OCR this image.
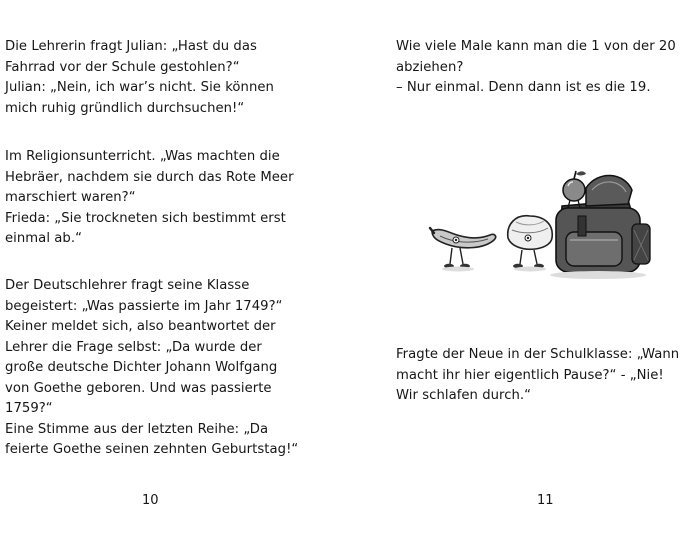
Die Lehrerin fragt Julian: „Hast du das
Fahrrad vor der Schule gestohlen?“
Julian: „Nein, ich war’s nicht. Sie können
mich ruhig gründlich durchsuchen!“

Im Religionsunterricht. „Was machten die
Hebräer, nachdem sie durch das Rote Meer
marschiert waren?“
Frieda: „Sie trockneten sich bestimmt erst
einmal ab.“

Der Deutschlehrer fragt seine Klasse
begeistert: „Was passierte im Jahr 1749?“
Keiner meldet sich, also beantwortet der
Lehrer die Frage selbst: „Da wurde der
große deutsche Dichter Johann Wolfgang
von Goethe geboren. Und was passierte
1759?“
Eine Stimme aus der letzten Reihe: „Da
feierte Goethe seinen zehnten Geburtstag!“

10

Wie viele Male kann man die 1 von der 20
abziehen?
– Nur einmal. Denn dann ist es die 19.

Fragte der Neue in der Schulklasse: „Wann
macht ihr hier eigentlich Pause?“ - „Nie!
Wir schlafen durch.“

11
